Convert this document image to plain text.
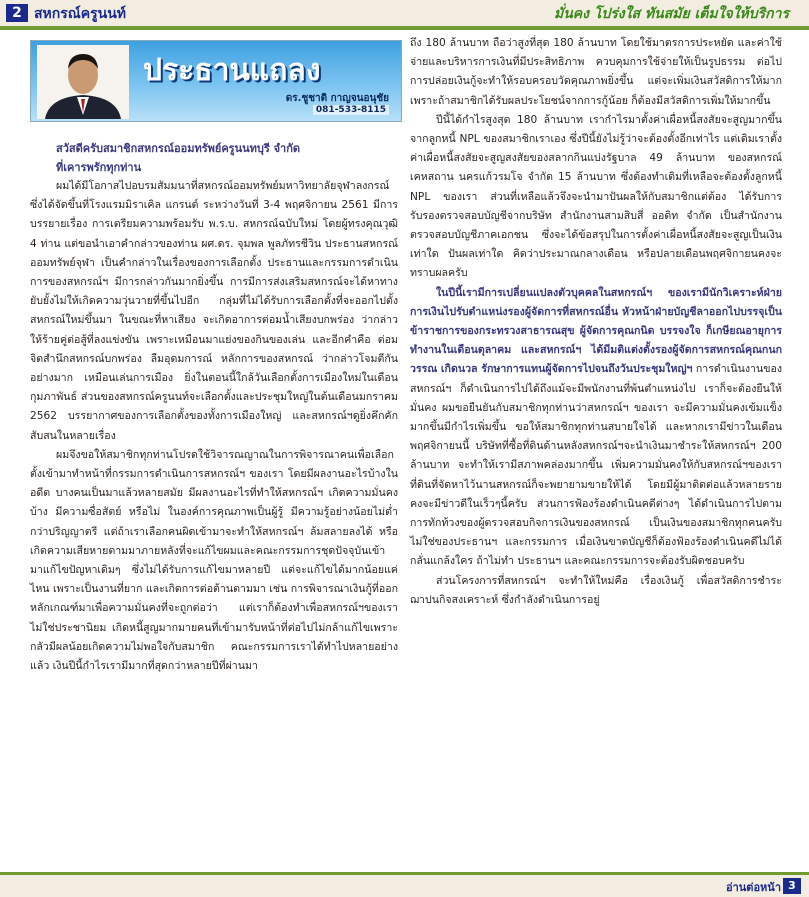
2 สหกรณ์ครูนนท์	มั่นคง โปร่งใส ทันสมัย เต็มใจให้บริการ
ประธานแถลง
ดร.ชูชาติ กาญจนอนุชัย
081-533-8115

สวัสดีครับสมาชิกสหกรณ์ออมทรัพย์ครูนนทบุรี จำกัด

ที่เคารพรักทุกท่าน

ผมได้มีโอกาสไปอบรมสัมมนาที่สหกรณ์ออมทรัพย์มหาวิทยาลัยจุฬาลงกรณ์ ซึ่งได้จัดขึ้นที่โรงแรมมิราเคิล แกรนด์ ระหว่างวันที่ 3-4 พฤศจิกายน 2561 มีการบรรยายเรื่อง การเตรียมความพร้อมรับ พ.ร.บ. สหกรณ์ฉบับใหม่ โดยผู้ทรงคุณวุฒิ 4 ท่าน แต่ขอนำเอาคำกล่าวของท่าน ผศ.ดร. จุมพล พูลภัทรชีวิน ประธานสหกรณ์ออมทรัพย์จุฬา เป็นคำกล่าวในเรื่องของการเลือกตั้ง ประธานและกรรมการดำเนินการของสหกรณ์ฯ มีการกล่าวกันมากยิ่งขึ้น การมีการส่งเสริมสหกรณ์จะได้หาทางยับยั้งไม่ให้เกิดความวุ่นวายที่ขึ้นไปอีก กลุ่มที่ไม่ได้รับการเลือกตั้งที่จะออกไปตั้งสหกรณ์ใหม่ขึ้นมา ในขณะที่หาเสียง จะเกิดอาการต่อมน้ำเสียงบกพร่อง ว่ากล่าวให้ร้ายคู่ต่อสู้ที่ลงแข่งขัน เพราะเหมือนมาแย่งของกินของเล่น และอีกคำคือ ต่อมจิตสำนึกสหกรณ์บกพร่อง ลืมอุดมการณ์ หลักการของสหกรณ์ ว่ากล่าวโจมตีกันอย่างมาก เหมือนเล่นการเมือง ยิ่งในตอนนี้ใกล้วันเลือกตั้งการเมืองใหม่ในเดือนกุมภาพันธ์ ส่วนของสหกรณ์ครูนนท์จะเลือกตั้งและประชุมใหญ่ในต้นเดือนมกราคม 2562 บรรยากาศของการเลือกตั้งของทั้งการเมืองใหญ่ และสหกรณ์ฯดูยิ่งคึกคักสับสนในหลายเรื่อง

ผมจึงขอให้สมาชิกทุกท่านโปรดใช้วิจารณญาณในการพิจารณาคนเพื่อเลือกตั้งเข้ามาทำหน้าที่กรรมการดำเนินการสหกรณ์ฯ ของเรา โดยมีผลงานอะไรบ้างในอดีต บางคนเป็นมาแล้วหลายสมัย มีผลงานอะไรที่ทำให้สหกรณ์ฯ เกิดความมั่นคงบ้าง มีความซื่อสัตย์ หรือไม่ ในองค์การคุณภาพเป็นผู้รู้ มีความรู้อย่างน้อยไม่ต่ำกว่าปริญญาตรี แต่ถ้าเราเลือกคนผิดเข้ามาจะทำให้สหกรณ์ฯ ล้มสลายลงได้ หรือเกิดความเสียหายตามมาภายหลังที่จะแก้ไขผมและคณะกรรมการชุดปัจจุบันเข้ามาแก้ไขปัญหาเดิมๆ ซึ่งไม่ได้รับการแก้ไขมาหลายปี แต่จะแก้ไขได้มากน้อยแค่ไหน เพราะเป็นงานที่ยาก และเกิดการต่อต้านตามมา เช่น การพิจารณาเงินกู้ที่ออกหลักเกณฑ์มาเพื่อความมั่นคงที่จะถูกต่อว่า แต่เราก็ต้องทำเพื่อสหกรณ์ฯของเรา ไม่ใช่ประชานิยม เกิดหนี้สูญมากมายคนที่เข้ามารับหน้าที่ต่อไปไม่กล้าแก้ไขเพราะกลัวมีผลน้อยเกิดความไม่พอใจกับสมาชิก คณะกรรมการเราได้ทำไปหลายอย่างแล้ว เงินปีนี้กำไรเรามีมากที่สุดกว่าหลายปีที่ผ่านมา

ถึง 180 ล้านบาท ถือว่าสูงที่สุด 180 ล้านบาท โดยใช้มาตรการประหยัด และค่าใช้จ่ายและบริหารการเงินที่มีประสิทธิภาพ ควบคุมการใช้จ่ายให้เป็นรูปธรรม ต่อไปการปล่อยเงินกู้จะทำให้รอบครอบวัดคุณภาพยิ่งขึ้น แต่จะเพิ่มเงินสวัสดิการให้มาก เพราะถ้าสมาชิกได้รับผลประโยชน์จากการกู้น้อย ก็ต้องมีสวัสดิการเพิ่มให้มากขึ้น

ปีนี้ได้กำไรสูงสุด 180 ล้านบาท เรากำไรมาตั้งค่าเผื่อหนี้สงสัยจะสูญมากขึ้นจากลูกหนี้ NPL ของสมาชิกเราเอง ซึ่งปีนี้ยังไม่รู้ว่าจะต้องตั้งอีกเท่าไร แต่เดิมเราตั้งค่าเผื่อหนี้สงสัยจะสูญสงสัยของสลากกินแบ่งรัฐบาล 49 ล้านบาท ของสหกรณ์เคหสถาน นครแก้วรมโจ จำกัด 15 ล้านบาท ซึ่งต้องทำเดิมที่เหลือจะต้องตั้งลูกหนี้ NPL ของเรา ส่วนที่เหลือแล้วจึงจะนำมาปันผลให้กับสมาชิกแต่ต้อง ได้รับการรับรองตรวจสอบบัญชีจากบริษัท สำนักงานสามสิบสี่ ออดิท จำกัด เป็นสำนักงานตรวจสอบบัญชีภาคเอกชน ซึ่งจะได้ข้อสรุปในการตั้งค่าเผื่อหนี้สงสัยจะสูญเป็นเงินเท่าใด ปันผลเท่าใด คิดว่าประมาณกลางเดือน หรือปลายเดือนพฤศจิกายนคงจะทราบผลครับ

ในปีนี้เรามีการเปลี่ยนแปลงตัวบุคคลในสหกรณ์ฯ ของเรามีนักวิเคราะห์ฝ่ายการเงินไปรับตำแหน่งรองผู้จัดการที่สหกรณ์อื่น หัวหน้าฝ่ายบัญชีลาออกไปบรรจุเป็นข้าราชการของกระทรวงสาธารณสุข ผู้จัดการคุณกนิด บรรจงใจ ก็เกษียณอายุการทำงานในเดือนตุลาคม และสหกรณ์ฯ ได้มีมติแต่งตั้งรองผู้จัดการสหกรณ์คุณกนกวรรณ เกิดนวล รักษาการแทนผู้จัดการไปจนถึงวันประชุมใหญ่ฯ การดำเนินงานของสหกรณ์ฯ ก็ดำเนินการไปได้ถึงแม้จะมีพนักงานที่พ้นตำแหน่งไป เราก็จะต้องยืนให้มั่นคง ผมขอยืนยันกับสมาชิกทุกท่านว่าสหกรณ์ฯ ของเรา จะมีความมั่นคงเข้มแข็งมากขึ้นมีกำไรเพิ่มขึ้น ขอให้สมาชิกทุกท่านสบายใจได้ และหากเรามีข่าวในเดือนพฤศจิกายนนี้ บริษัทที่ซื้อที่ดินด้านหลังสหกรณ์ฯจะนำเงินมาชำระให้สหกรณ์ฯ 200 ล้านบาท จะทำให้เรามีสภาพคล่องมากขึ้น เพิ่มความมั่นคงให้กับสหกรณ์ฯของเรา ที่ดินที่จัดหาไว้นานสหกรณ์ก็จะพยายามขายให้ได้ โดยมีผู้มาติดต่อแล้วหลายราย คงจะมีข่าวดีในเร็วๆนี้ครับ ส่วนการฟ้องร้องดำเนินคดีต่างๆ ได้ดำเนินการไปตามการทักท้วงของผู้ตรวจสอบกิจการเงินของสหกรณ์ เป็นเงินของสมาชิกทุกคนครับ ไม่ใช่ของประธานฯ และกรรมการ เมื่อเงินขาดบัญชีก็ต้องฟ้องร้องดำเนินคดีไม่ได้กลั่นแกล้งใคร ถ้าไม่ทำ ประธานฯ และคณะกรรมการจะต้องรับผิดชอบครับ

ส่วนโครงการที่สหกรณ์ฯ จะทำให้ใหม่คือ เรื่องเงินกู้ เพื่อสวัสดิการชำระฌาปนกิจสงเคราะห์ ซึ่งกำลังดำเนินการอยู่

อ่านต่อหน้า 3
